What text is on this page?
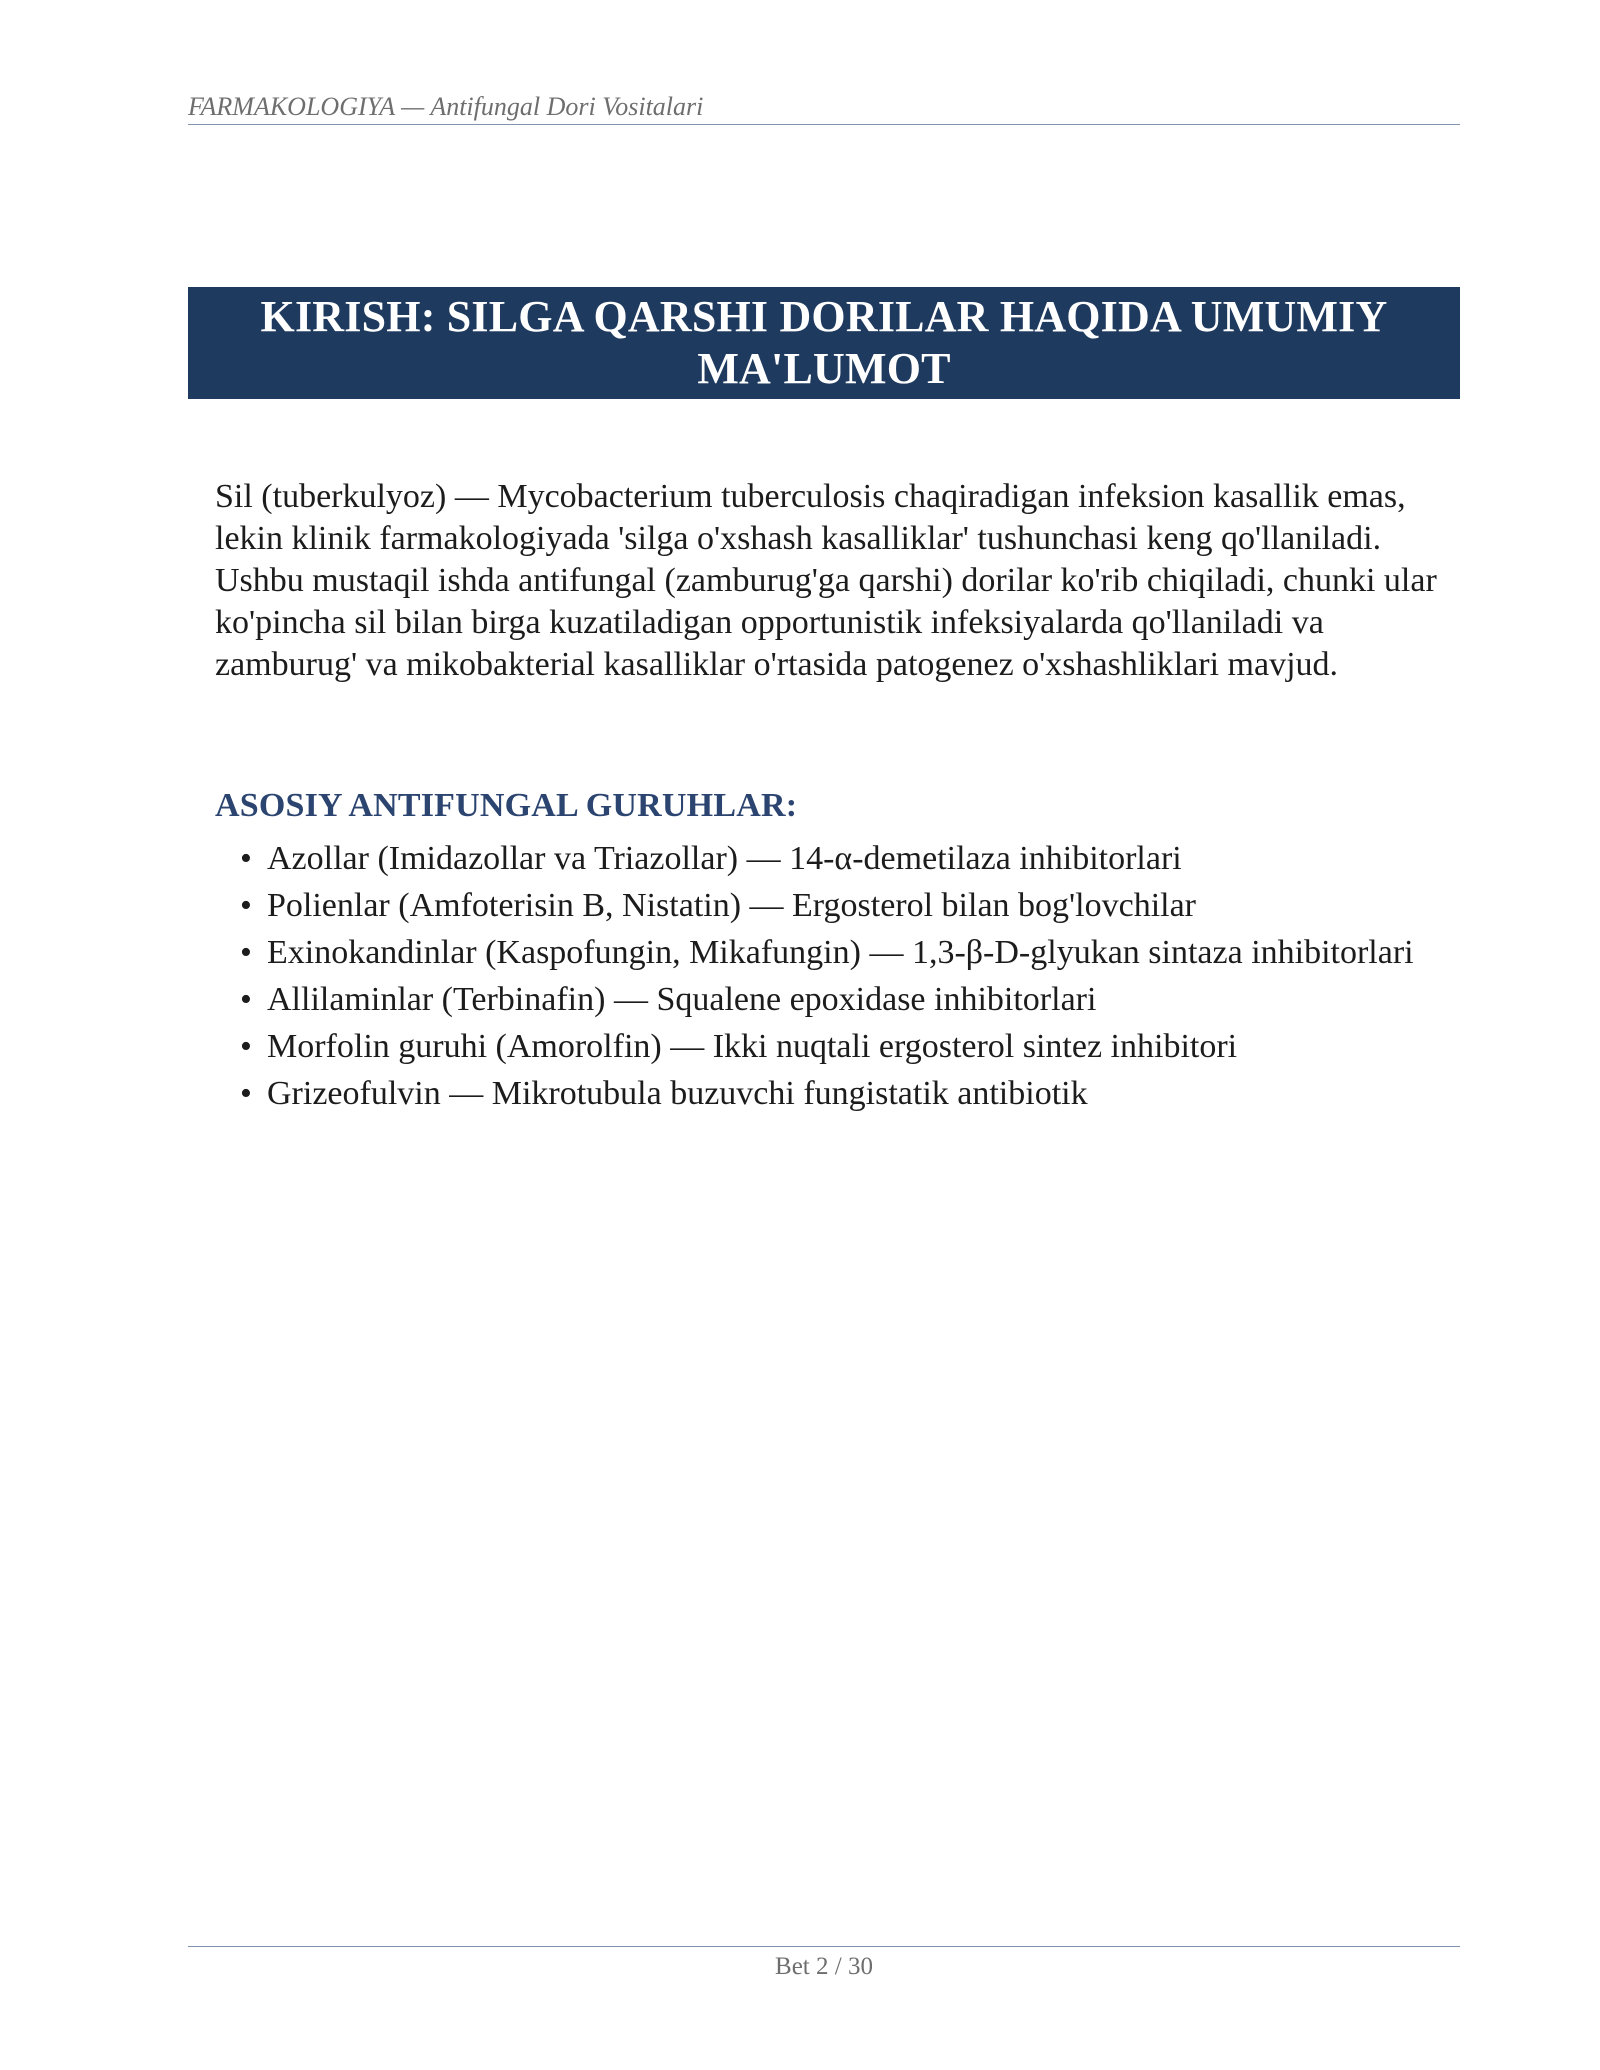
FARMAKOLOGIYA — Antifungal Dori Vositalari
KIRISH: SILGA QARSHI DORILAR HAQIDA UMUMIY MA'LUMOT

Sil (tuberkulyoz) — Mycobacterium tuberculosis chaqiradigan infeksion kasallik emas, lekin klinik farmakologiyada 'silga o'xshash kasalliklar' tushunchasi keng qo'llaniladi. Ushbu mustaqil ishda antifungal (zamburug'ga qarshi) dorilar ko'rib chiqiladi, chunki ular ko'pincha sil bilan birga kuzatiladigan opportunistik infeksiyalarda qo'llaniladi va zamburug' va mikobakterial kasalliklar o'rtasida patogenez o'xshashliklari mavjud.

ASOSIY ANTIFUNGAL GURUHLAR:
• Azollar (Imidazollar va Triazollar) — 14-α-demetilaza inhibitorlari
• Polienlar (Amfoterisin B, Nistatin) — Ergosterol bilan bog'lovchilar
• Exinokandinlar (Kaspofungin, Mikafungin) — 1,3-β-D-glyukan sintaza inhibitorlari
• Allilaminlar (Terbinafin) — Squalene epoxidase inhibitorlari
• Morfolin guruhi (Amorolfin) — Ikki nuqtali ergosterol sintez inhibitori
• Grizeofulvin — Mikrotubula buzuvchi fungistatik antibiotik
Bet 2 / 30
